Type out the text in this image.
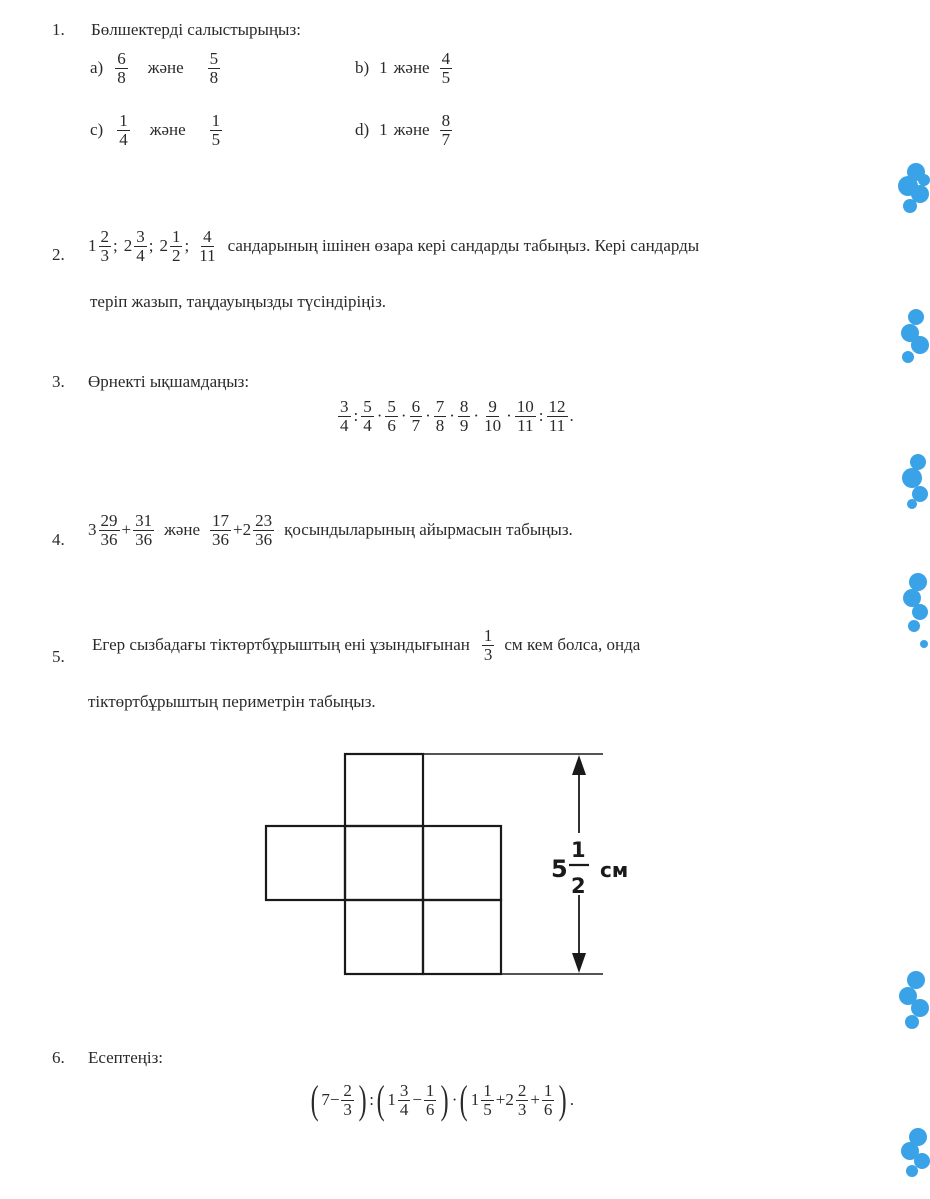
1. Бөлшектерді салыстырыңыз:
$a) \frac{6}{8}$ және $\frac{5}{8}$	b) 1 және $\frac{4}{5}$
$c) \frac{1}{4}$ және $\frac{1}{5}$	d) 1 және $\frac{8}{7}$
2. $1 \frac{2}{3}$ ; $2 \frac{3}{4}$ ; $2 \frac{1}{2}$ ; $\frac{4}{11}$ сандарының ішінен өзара кері сандарды табыңыз. Кері сандарды
теріп жазып, таңдауыңызды түсіндіріңіз.
3. Өрнекті ықшамдаңыз:
$\frac{3}{4}$ : $\frac{5}{4} \cdot \frac{5}{6} \cdot \frac{6}{7} \cdot \frac{7}{8} \cdot \frac{8}{9} \cdot \frac{9}{10} \cdot \frac{10}{11}$ : $\frac{12}{11}$ .
4.
$3 \frac{29}{36} + \frac{31}{36}$ және $\frac{17}{36} + 2 \frac{23}{36}$ қосындыларының айырмасын табыңыз.
5.
Егер сызбадағы тіктөртбұрыштың ені ұзындығынан $\frac{1}{3}$ см кем болса, онда
тіктөртбұрыштың периметрін табыңыз.
5
1
2
см
6. Есептеңіз:
( $7 - \frac{2}{3}$ ) : ( $1 \frac{3}{4} - \frac{1}{6}$ ) · ( $1 \frac{1}{5} + 2 \frac{2}{3} + \frac{1}{6}$ ) .
